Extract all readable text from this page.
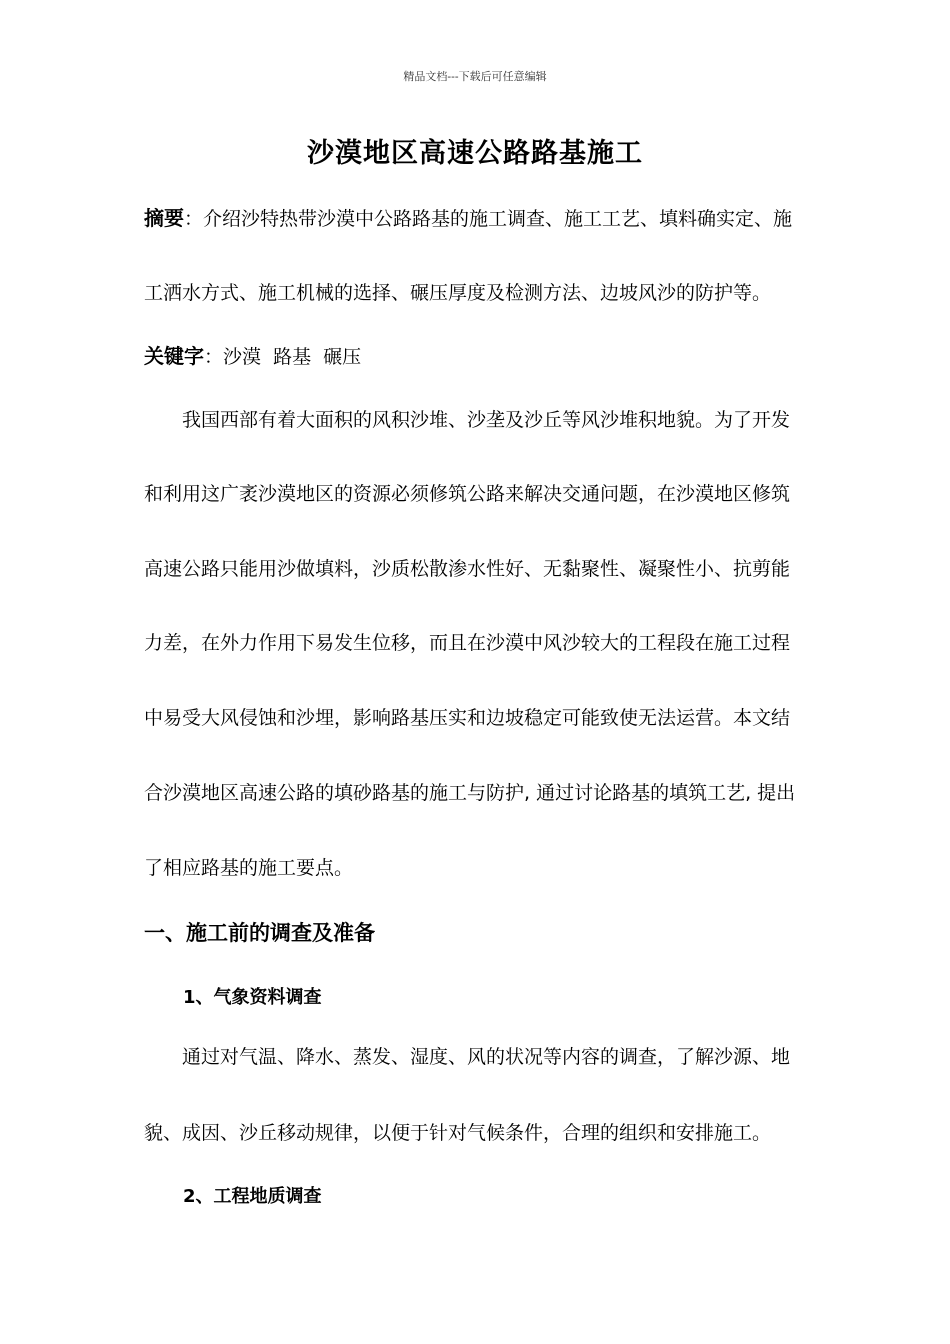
精品文档---下载后可任意编辑
沙漠地区高速公路路基施工
摘要：介绍沙特热带沙漠中公路路基的施工调查、施工工艺、填料确实定、施
工洒水方式、施工机械的选择、碾压厚度及检测方法、边坡风沙的防护等。
关键字：沙漠  路基  碾压
我国西部有着大面积的风积沙堆、沙垄及沙丘等风沙堆积地貌。为了开发
和利用这广袤沙漠地区的资源必须修筑公路来解决交通问题，在沙漠地区修筑
高速公路只能用沙做填料，沙质松散渗水性好、无黏聚性、凝聚性小、抗剪能
力差，在外力作用下易发生位移，而且在沙漠中风沙较大的工程段在施工过程
中易受大风侵蚀和沙埋，影响路基压实和边坡稳定可能致使无法运营。本文结
合沙漠地区高速公路的填砂路基的施工与防护, 通过讨论路基的填筑工艺, 提出
了相应路基的施工要点。
一、施工前的调查及准备
1、气象资料调查
通过对气温、降水、蒸发、湿度、风的状况等内容的调查，了解沙源、地
貌、成因、沙丘移动规律，以便于针对气候条件，合理的组织和安排施工。
2、工程地质调查
